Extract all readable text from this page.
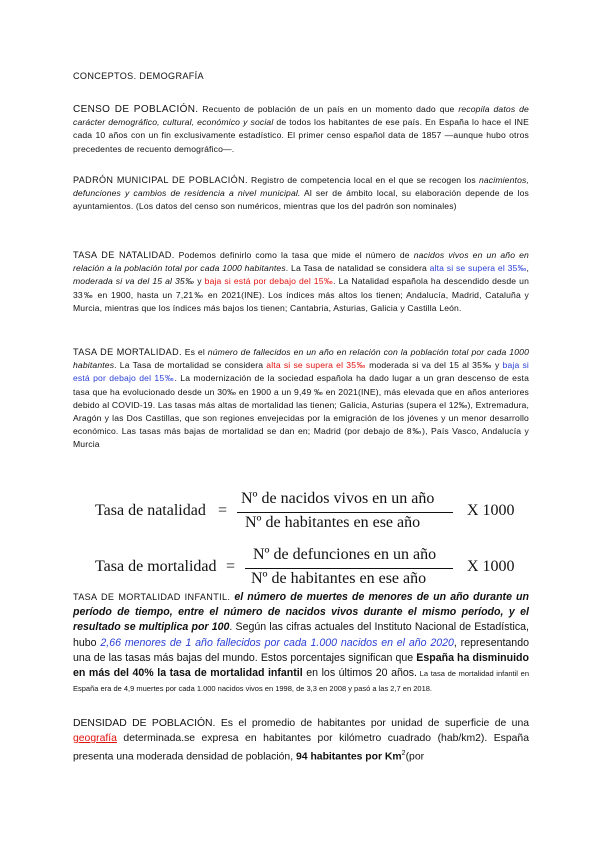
CONCEPTOS. DEMOGRAFÍA
CENSO DE POBLACIÓN. Recuento de población de un país en un momento dado que recopila datos de carácter demográfico, cultural, económico y social de todos los habitantes de ese país. En España lo hace el INE cada 10 años con un fin exclusivamente estadístico. El primer censo español data de 1857 —aunque hubo otros precedentes de recuento demográfico—.
PADRÓN MUNICIPAL DE POBLACIÓN. Registro de competencia local en el que se recogen los nacimientos, defunciones y cambios de residencia a nivel municipal. Al ser de ámbito local, su elaboración depende de los ayuntamientos. (Los datos del censo son numéricos, mientras que los del padrón son nominales)
TASA DE NATALIDAD. Podemos definirlo como la tasa que mide el número de nacidos vivos en un año en relación a la población total por cada 1000 habitantes. La Tasa de natalidad se considera alta si se supera el 35‰, moderada si va del 15 al 35‰ y baja si está por debajo del 15‰. La Natalidad española ha descendido desde un 33‰ en 1900, hasta un 7,21‰ en 2021(INE). Los índices más altos los tienen; Andalucía, Madrid, Cataluña y Murcia, mientras que los índices más bajos los tienen; Cantabria, Asturias, Galicia y Castilla León.
TASA DE MORTALIDAD. Es el número de fallecidos en un año en relación con la población total por cada 1000 habitantes. La Tasa de mortalidad se considera alta si se supera el 35‰ moderada si va del 15 al 35‰ y baja si está por debajo del 15‰. La modernización de la sociedad española ha dado lugar a un gran descenso de esta tasa que ha evolucionado desde un 30‰ en 1900 a un 9,49 ‰ en 2021(INE), más elevada que en años anteriores debido al COVID-19. Las tasas más altas de mortalidad las tienen; Galicia, Asturias (supera el 12‰), Extremadura, Aragón y las Dos Castillas, que son regiones envejecidas por la emigración de los jóvenes y un menor desarrollo económico. Las tasas más bajas de mortalidad se dan en; Madrid (por debajo de 8‰), País Vasco, Andalucía y Murcia
Tasa de natalidad =
Nº de nacidos vivos en un año
Nº de habitantes en ese año
X 1000
Tasa de mortalidad =
Nº de defunciones en un año
Nº de habitantes en ese año
X 1000
TASA DE MORTALIDAD INFANTIL. el número de muertes de menores de un año durante un período de tiempo, entre el número de nacidos vivos durante el mismo período, y el resultado se multiplica por 100. Según las cifras actuales del Instituto Nacional de Estadística, hubo 2,66 menores de 1 año fallecidos por cada 1.000 nacidos en el año 2020, representando una de las tasas más bajas del mundo. Estos porcentajes significan que España ha disminuido en más del 40% la tasa de mortalidad infantil en los últimos 20 años. La tasa de mortalidad infantil en España era de 4,9 muertes por cada 1.000 nacidos vivos en 1998, de 3,3 en 2008 y pasó a las 2,7 en 2018.
DENSIDAD DE POBLACIÓN. Es el promedio de habitantes por unidad de superficie de una geografía determinada.se expresa en habitantes por kilómetro cuadrado (hab/km2). España presenta una moderada densidad de población, 94 habitantes por Km$^2$(por
